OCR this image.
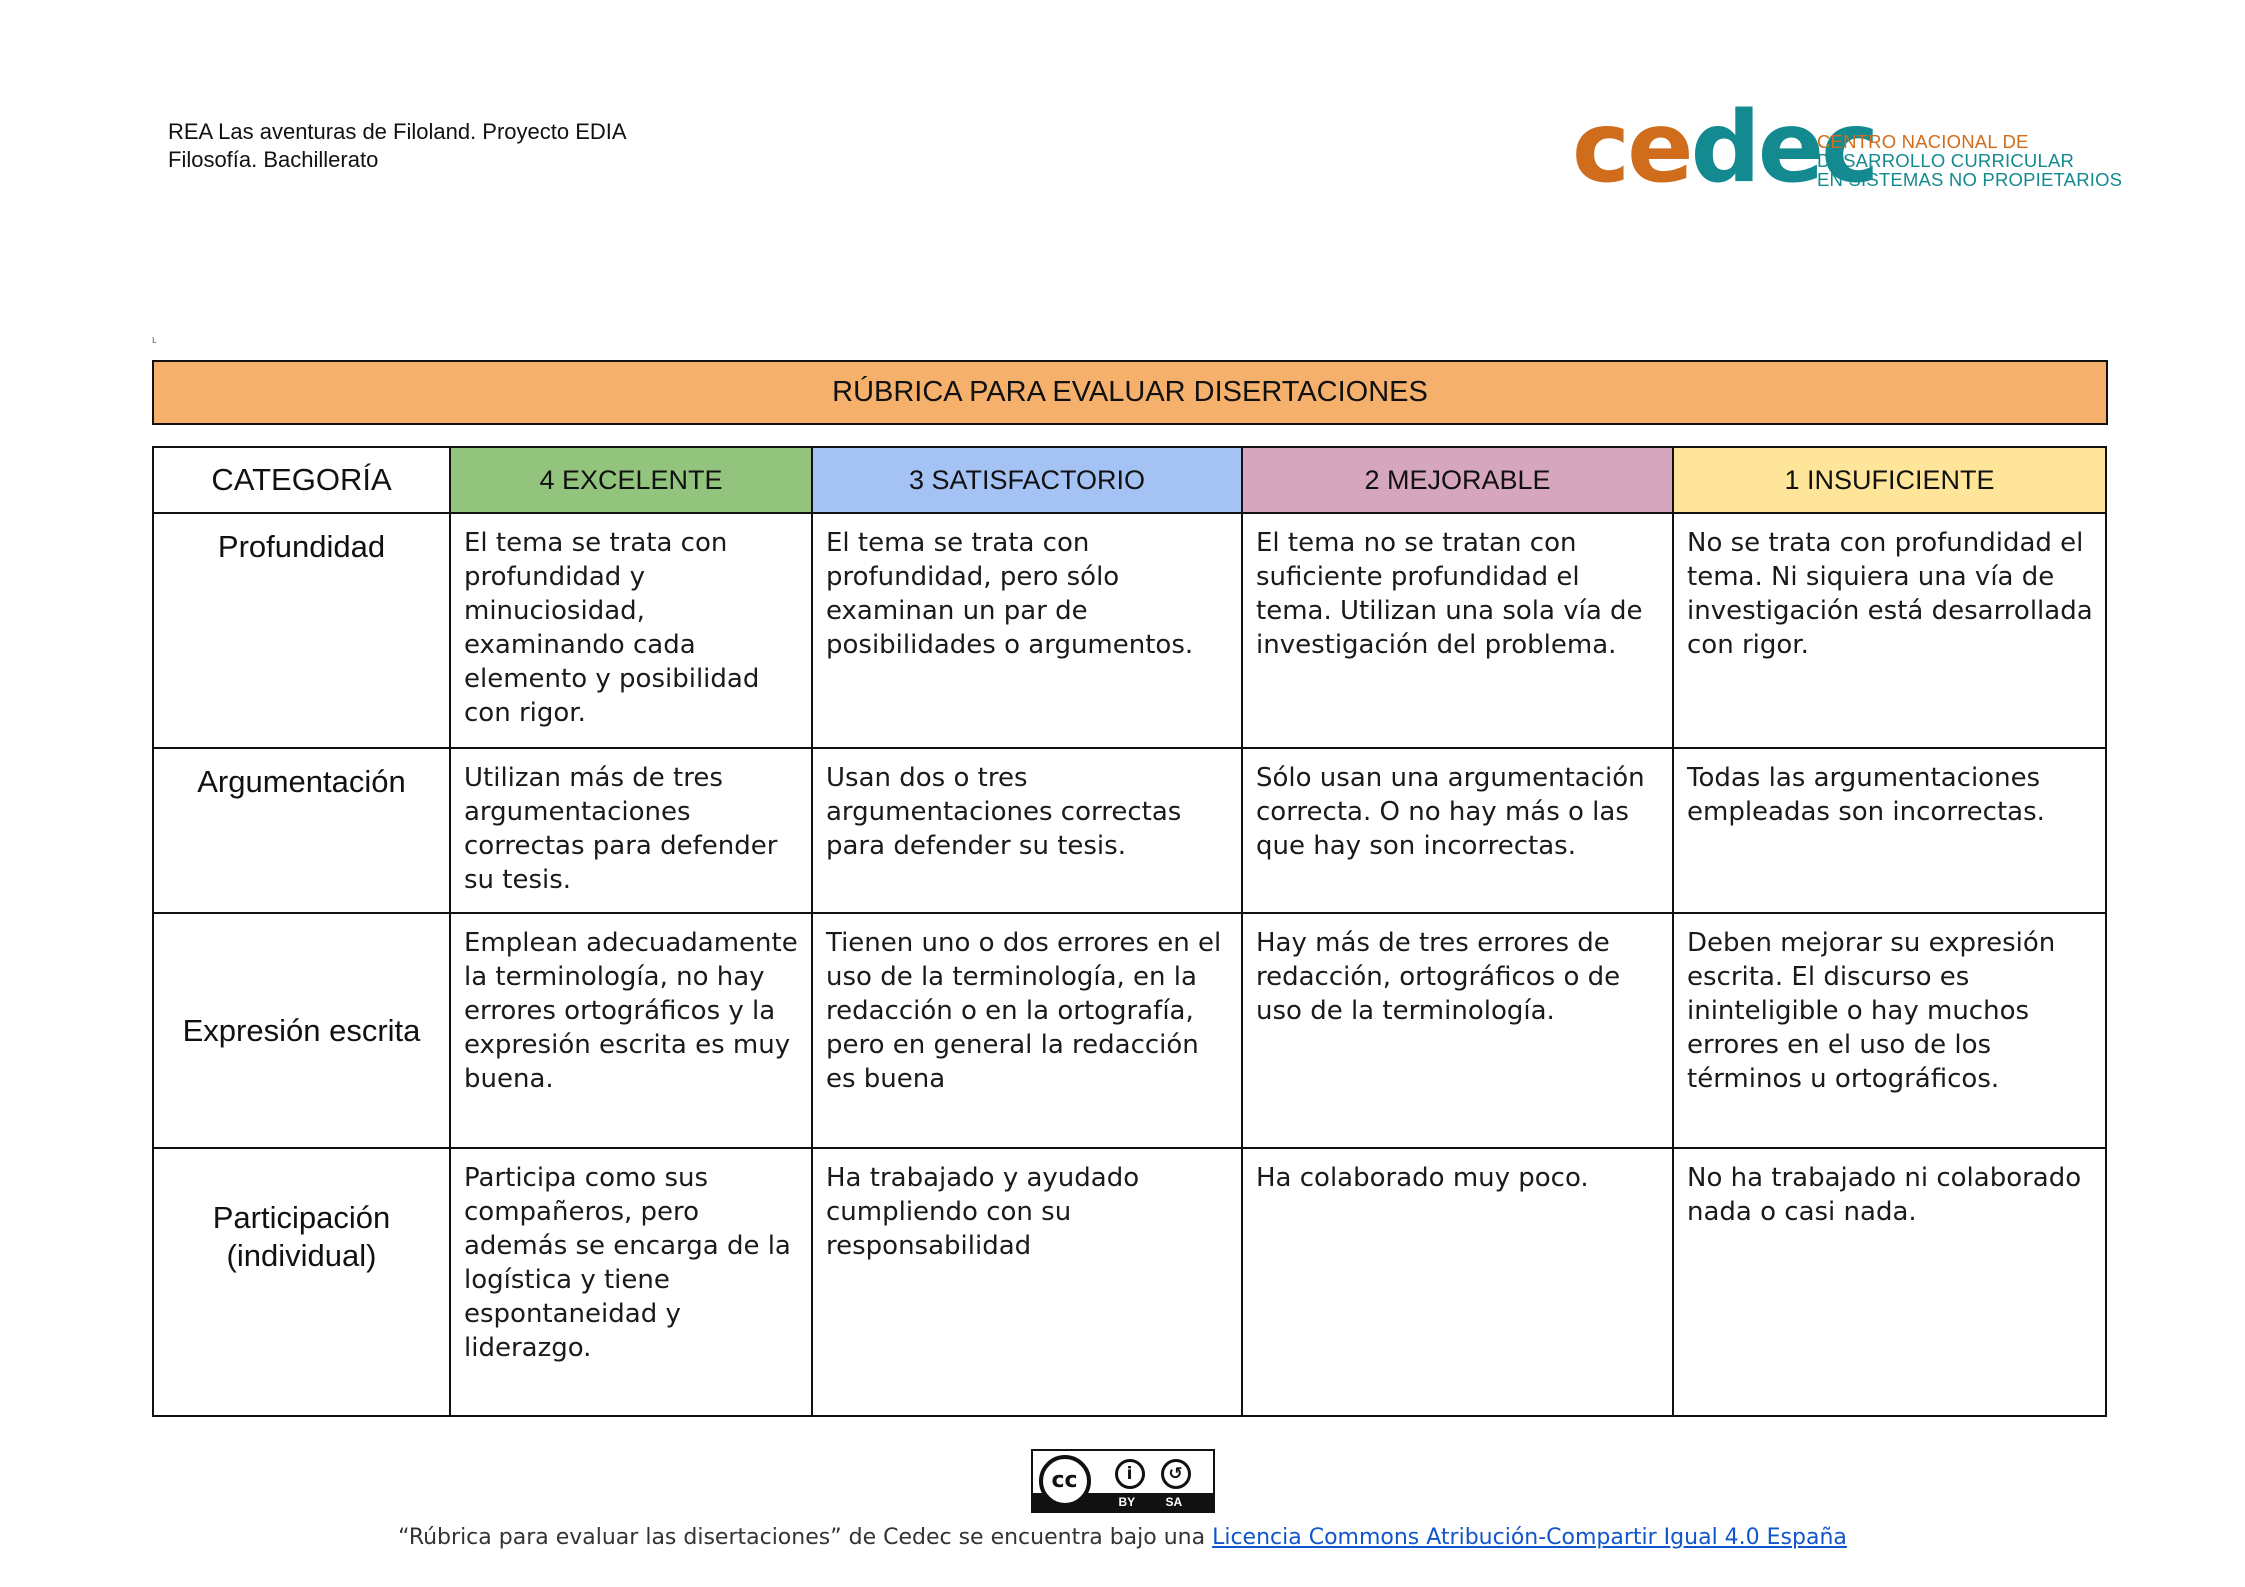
REA Las aventuras de Filoland. Proyecto EDIA
Filosofía. Bachillerato	cedec
CENTRO NACIONAL DE
DESARROLLO CURRICULAR
EN SISTEMAS NO PROPIETARIOS
L
RÚBRICA PARA EVALUAR DISERTACIONES
CATEGORÍA	4 EXCELENTE	3 SATISFACTORIO	2 MEJORABLE	1 INSUFICIENTE
Profundidad	El tema se trata con profundidad y minuciosidad, examinando cada elemento y posibilidad con rigor.	El tema se trata con profundidad, pero sólo examinan un par de posibilidades o argumentos.	El tema no se tratan con suficiente profundidad el tema. Utilizan una sola vía de investigación del problema.	No se trata con profundidad el tema. Ni siquiera una vía de investigación está desarrollada con rigor.
Argumentación	Utilizan más de tres argumentaciones correctas para defender su tesis.	Usan dos o tres argumentaciones correctas para defender su tesis.	Sólo usan una argumentación correcta. O no hay más o las que hay son incorrectas.	Todas las argumentaciones empleadas son incorrectas.
Expresión escrita	Emplean adecuadamente la terminología, no hay errores ortográficos y la expresión escrita es muy buena.	Tienen uno o dos errores en el uso de la terminología, en la redacción o en la ortografía, pero en general la redacción es buena	Hay más de tres errores de redacción, ortográficos o de uso de la terminología.	Deben mejorar su expresión escrita. El discurso es ininteligible o hay muchos errores en el uso de los términos u ortográficos.
Participación (individual)	Participa como sus compañeros, pero además se encarga de la logística y tiene espontaneidad y liderazgo.	Ha trabajado y ayudado cumpliendo con su responsabilidad	Ha colaborado muy poco.	No ha trabajado ni colaborado nada o casi nada.
cc	i	↺
BY	SA
“Rúbrica para evaluar las disertaciones” de Cedec se encuentra bajo una Licencia Commons Atribución-Compartir Igual 4.0 España
